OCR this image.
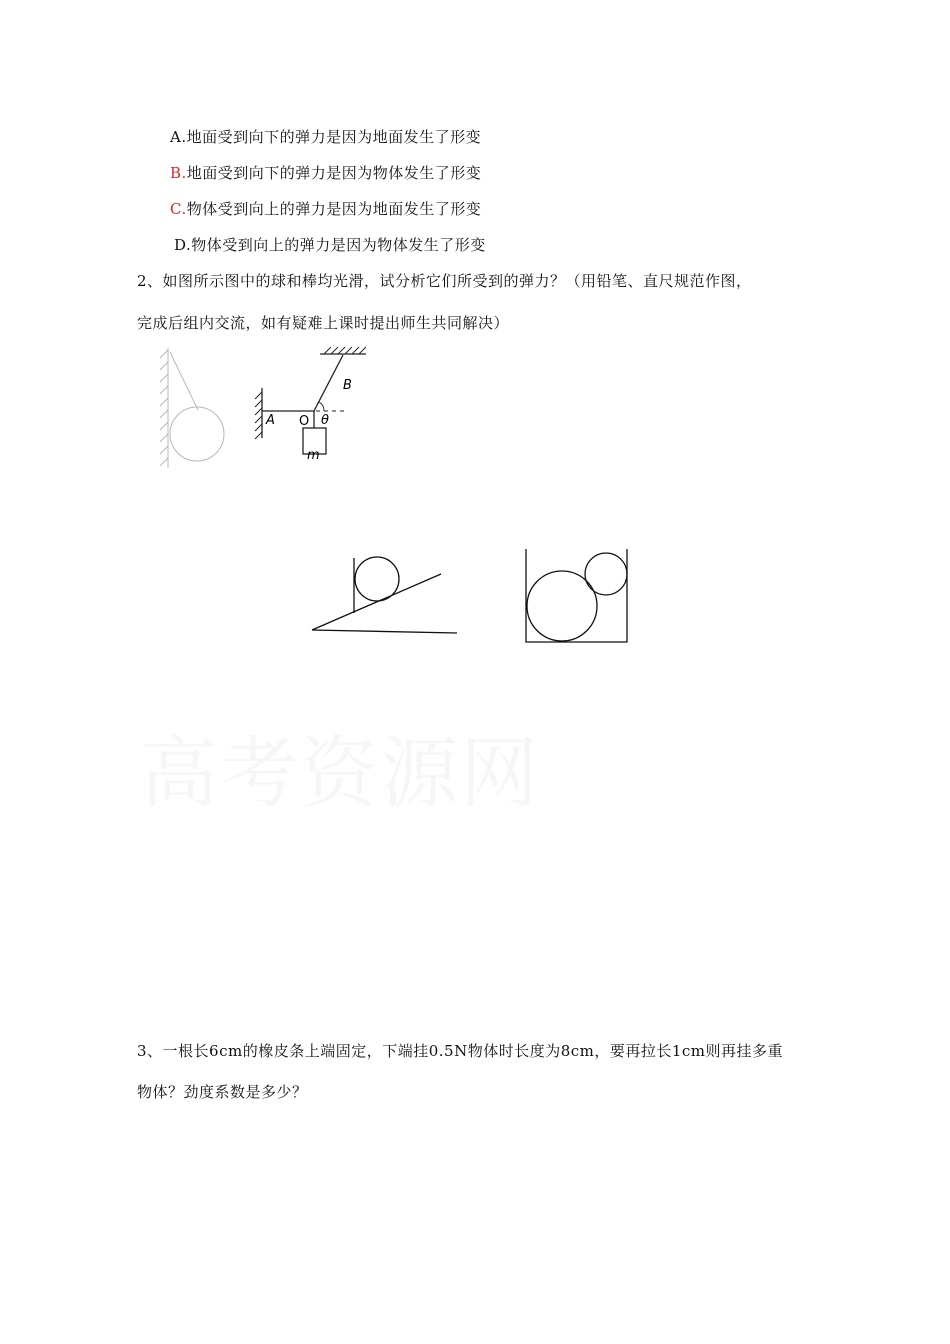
A.地面受到向下的弹力是因为地面发生了形变
B.地面受到向下的弹力是因为物体发生了形变
C.物体受到向上的弹力是因为地面发生了形变
D.物体受到向上的弹力是因为物体发生了形变
2、如图所示图中的球和棒均光滑，试分析它们所受到的弹力？（用铅笔、直尺规范作图，
完成后组内交流，如有疑难上课时提出师生共同解决）
高考资源网
A
B
O θ
m
3、一根长6cm的橡皮条上端固定，下端挂0.5N物体时长度为8cm，要再拉长1cm则再挂多重
物体？劲度系数是多少？
